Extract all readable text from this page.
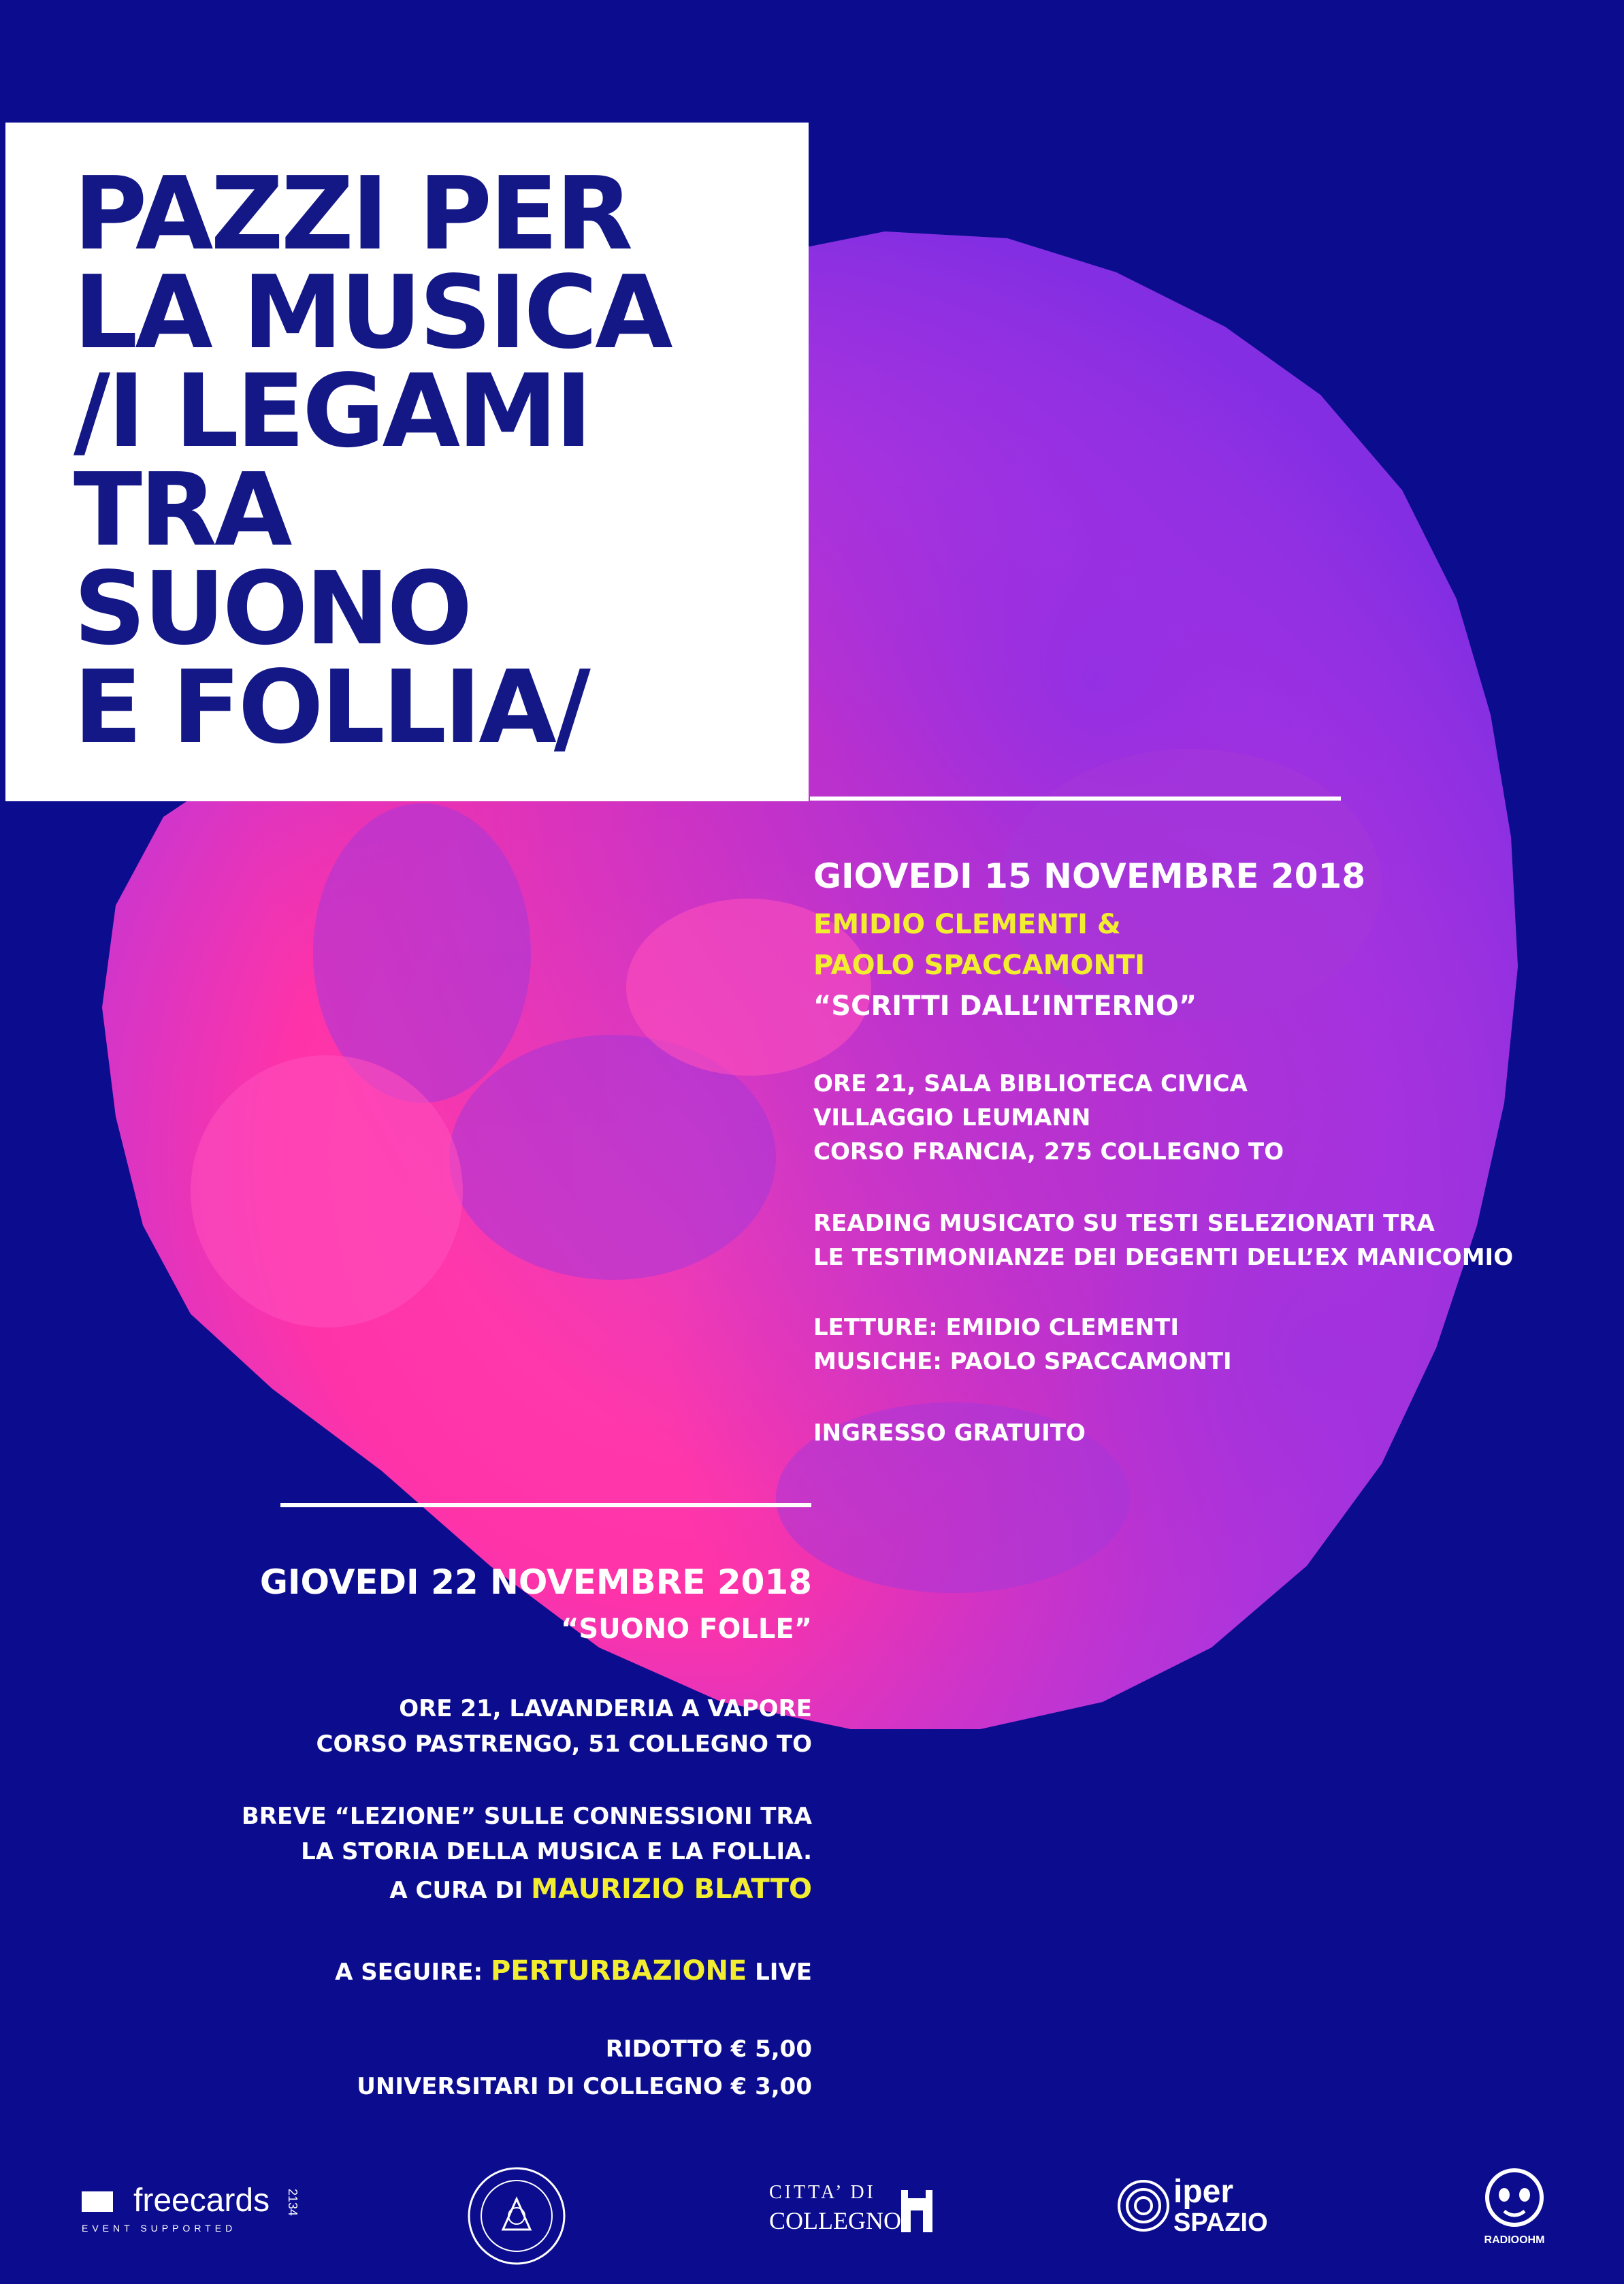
PAZZI PER
LA MUSICA
/I LEGAMI
TRA
SUONO
E FOLLIA/
GIOVEDI 15 NOVEMBRE 2018
EMIDIO CLEMENTI &
PAOLO SPACCAMONTI
“SCRITTI DALL’INTERNO”
ORE 21, SALA BIBLIOTECA CIVICA
VILLAGGIO LEUMANN
CORSO FRANCIA, 275 COLLEGNO TO
READING MUSICATO SU TESTI SELEZIONATI TRA
LE TESTIMONIANZE DEI DEGENTI DELL’EX MANICOMIO
LETTURE: EMIDIO CLEMENTI
MUSICHE: PAOLO SPACCAMONTI
INGRESSO GRATUITO
GIOVEDI 22 NOVEMBRE 2018
“SUONO FOLLE”
ORE 21, LAVANDERIA A VAPORE
CORSO PASTRENGO, 51 COLLEGNO TO
BREVE “LEZIONE” SULLE CONNESSIONI TRA
LA STORIA DELLA MUSICA E LA FOLLIA.
A CURA DI MAURIZIO BLATTO
A SEGUIRE: PERTURBAZIONE LIVE
RIDOTTO € 5,00
UNIVERSITARI DI COLLEGNO € 3,00
freecards
EVENT SUPPORTED
2134	CITTA’ DI
COLLEGNO
iper
SPAZIO
RADIOOHM
